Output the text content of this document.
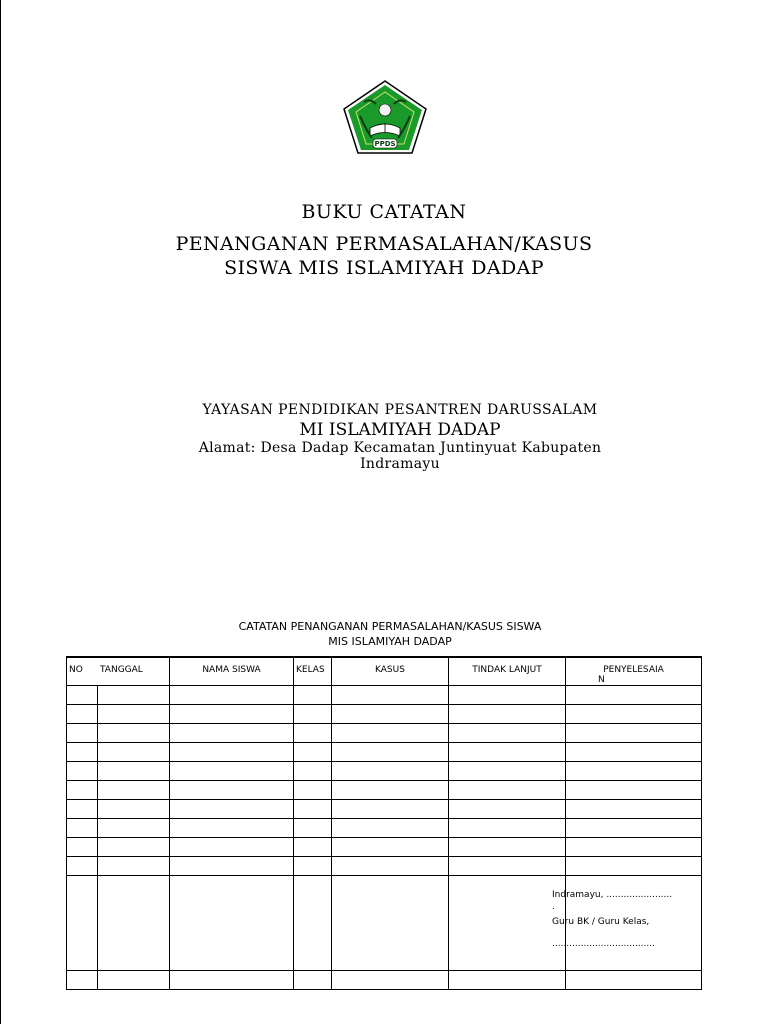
PPDS
BUKU CATATAN
PENANGANAN PERMASALAHAN/KASUS
SISWA MIS ISLAMIYAH DADAP
YAYASAN PENDIDIKAN PESANTREN DARUSSALAM
MI ISLAMIYAH DADAP
Alamat: Desa Dadap Kecamatan Juntinyuat Kabupaten
Indramayu
CATATAN PENANGANAN PERMASALAHAN/KASUS SISWA
MIS ISLAMIYAH DADAP
NO	TANGGAL	NAMA SISWA	KELAS	KASUS	TINDAK LANJUT	PENYELESAIA
N

Indramayu, .......................
.
Guru BK / Guru Kelas,
....................................
